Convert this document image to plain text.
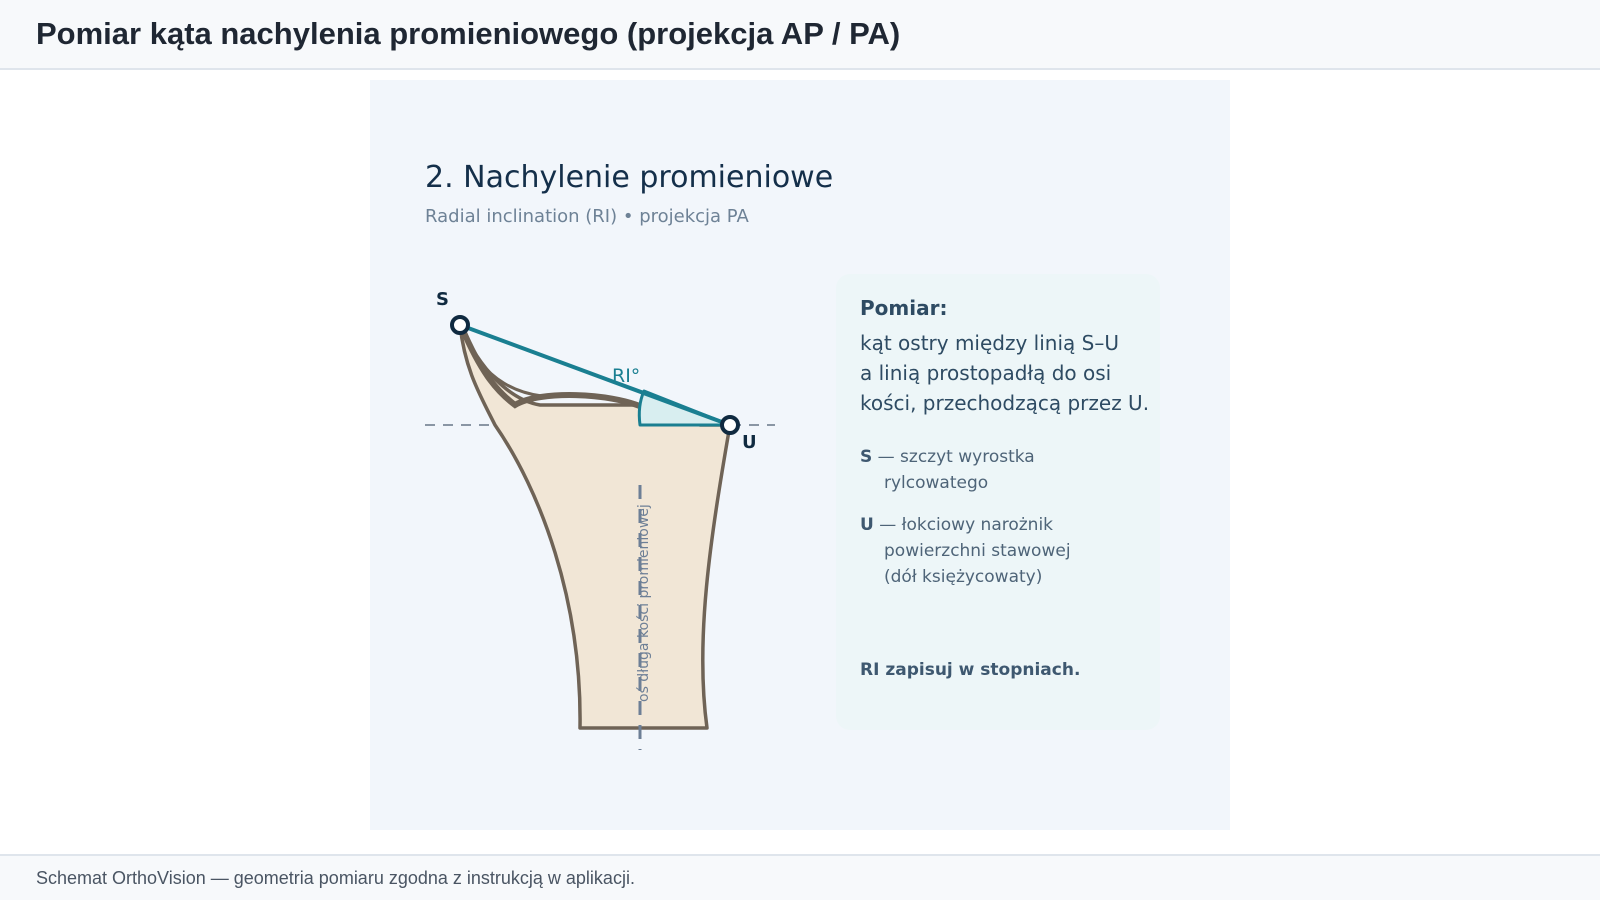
Pomiar kąta nachylenia promieniowego (projekcja AP / PA)
2. Nachylenie promieniowe
Radial inclination (RI) • projekcja PA
oś długa kości promieniowej
RI°
S
U
Pomiar:
kąt ostry między linią S–U
a linią prostopadłą do osi
kości, przechodzącą przez U.
S — szczyt wyrostka
rylcowatego
U — łokciowy narożnik
powierzchni stawowej
(dół księżycowaty)
RI zapisuj w stopniach.

Schemat OrthoVision — geometria pomiaru zgodna z instrukcją w aplikacji.
